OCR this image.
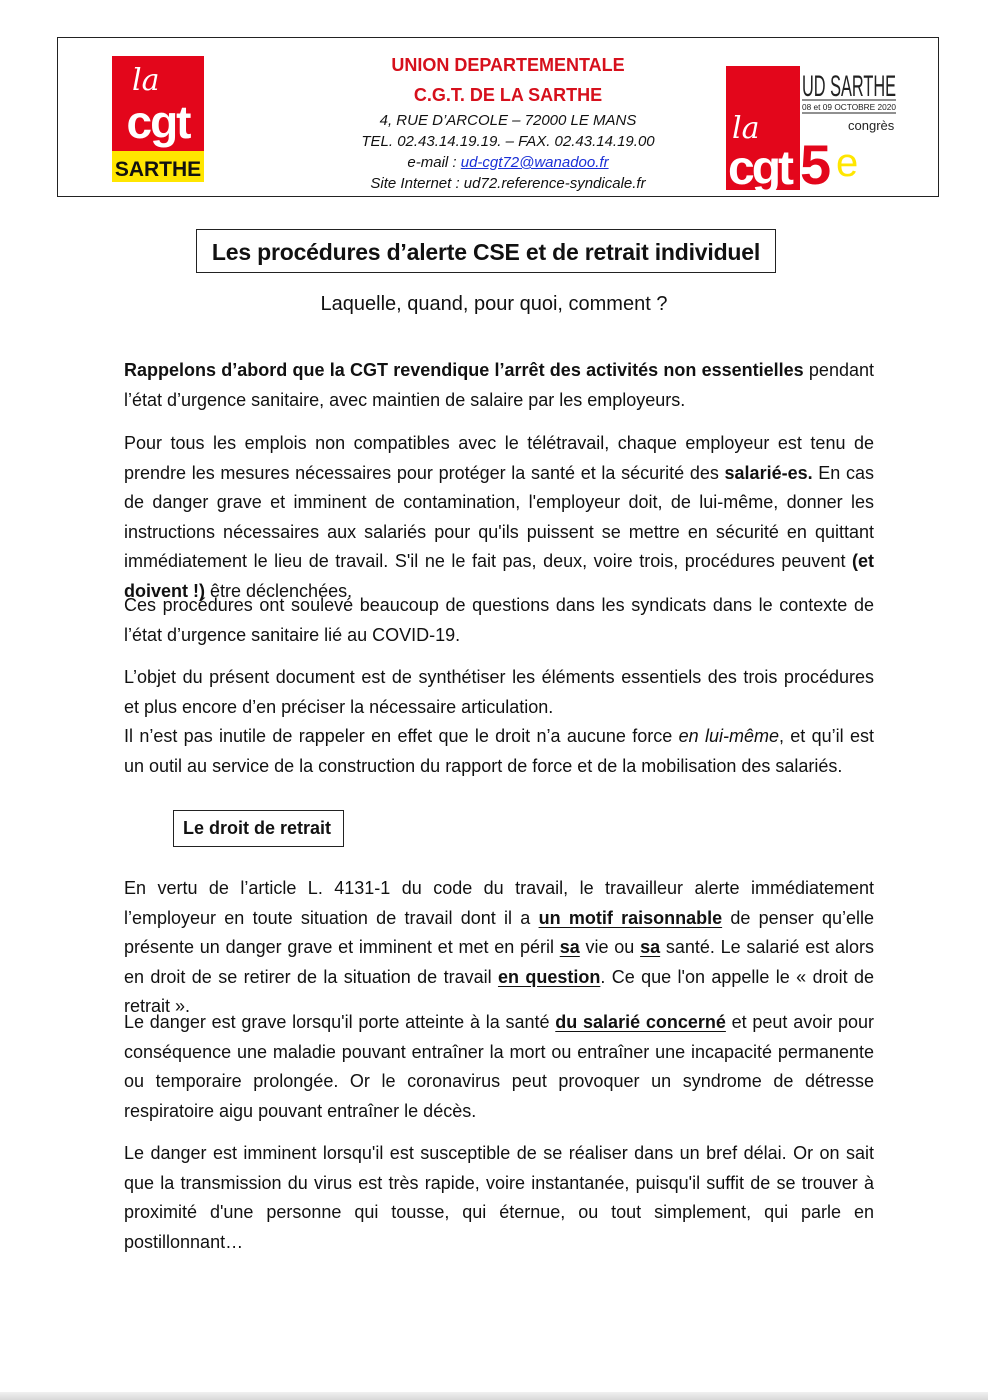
la
cgt
SARTHE
UNION DEPARTEMENTALE
C.G.T. DE LA SARTHE
4, RUE D’ARCOLE – 72000 LE MANS
TEL. 02.43.14.19.19. – FAX. 02.43.14.19.00
e-mail : ud-cgt72@wanadoo.fr
Site Internet : ud72.reference-syndicale.fr
UD SARTHE
08 et 09 OCTOBRE 2020
congrès
la
cgt 5 e
Les procédures d’alerte CSE et de retrait individuel
Laquelle, quand, pour quoi, comment ?
Rappelons d’abord que la CGT revendique l’arrêt des activités non essentielles pendant l’état d’urgence sanitaire, avec maintien de salaire par les employeurs.
Pour tous les emplois non compatibles avec le télétravail, chaque employeur est tenu de prendre les mesures nécessaires pour protéger la santé et la sécurité des salarié-es. En cas de danger grave et imminent de contamination, l'employeur doit, de lui-même, donner les instructions nécessaires aux salariés pour qu'ils puissent se mettre en sécurité en quittant immédiatement le lieu de travail. S'il ne le fait pas, deux, voire trois, procédures peuvent (et doivent !) être déclenchées.
Ces procédures ont soulevé beaucoup de questions dans les syndicats dans le contexte de l’état d’urgence sanitaire lié au COVID-19.
L’objet du présent document est de synthétiser les éléments essentiels des trois procédures et plus encore d’en préciser la nécessaire articulation.
Il n’est pas inutile de rappeler en effet que le droit n’a aucune force en lui-même, et qu’il est un outil au service de la construction du rapport de force et de la mobilisation des salariés.
Le droit de retrait
En vertu de l’article L. 4131-1 du code du travail, le travailleur alerte immédiatement l’employeur en toute situation de travail dont il a un motif raisonnable de penser qu’elle présente un danger grave et imminent et met en péril sa vie ou sa santé. Le salarié est alors en droit de se retirer de la situation de travail en question. Ce que l'on appelle le « droit de retrait ».
Le danger est grave lorsqu'il porte atteinte à la santé du salarié concerné et peut avoir pour conséquence une maladie pouvant entraîner la mort ou entraîner une incapacité permanente ou temporaire prolongée. Or le coronavirus peut provoquer un syndrome de détresse respiratoire aigu pouvant entraîner le décès.
Le danger est imminent lorsqu'il est susceptible de se réaliser dans un bref délai. Or on sait que la transmission du virus est très rapide, voire instantanée, puisqu'il suffit de se trouver à proximité d'une personne qui tousse, qui éternue, ou tout simplement, qui parle en postillonnant…
